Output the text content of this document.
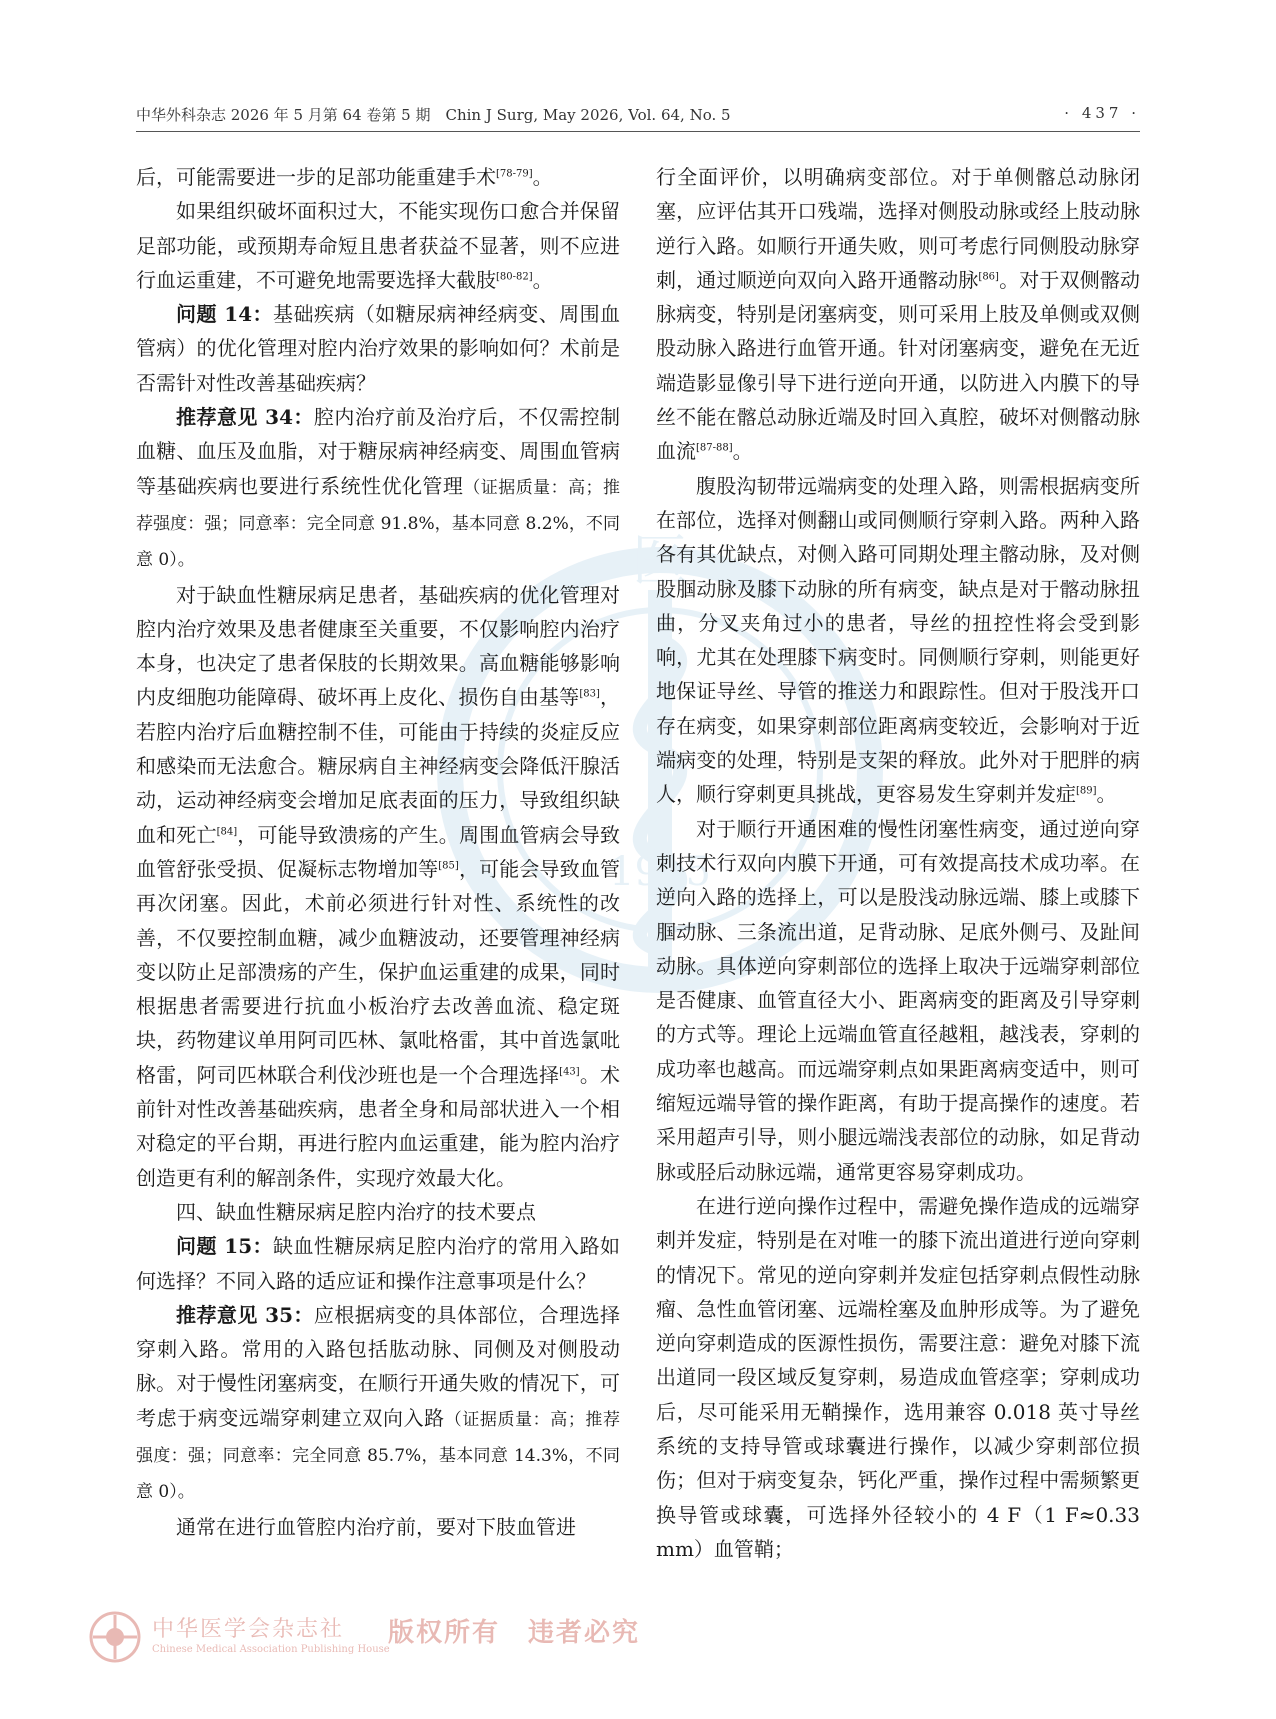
中华外科杂志 2026 年 5 月第 64 卷第 5 期　Chin J Surg, May 2026, Vol. 64, No. 5	· 437 ·
医
1915

后，可能需要进一步的足部功能重建手术[78-79]。

如果组织破坏面积过大，不能实现伤口愈合并保留足部功能，或预期寿命短且患者获益不显著，则不应进行血运重建，不可避免地需要选择大截肢[80-82]。

问题 14：基础疾病（如糖尿病神经病变、周围血管病）的优化管理对腔内治疗效果的影响如何？术前是否需针对性改善基础疾病？

推荐意见 34：腔内治疗前及治疗后，不仅需控制血糖、血压及血脂，对于糖尿病神经病变、周围血管病等基础疾病也要进行系统性优化管理（证据质量：高；推荐强度：强；同意率：完全同意 91.8%，基本同意 8.2%，不同意 0）。

对于缺血性糖尿病足患者，基础疾病的优化管理对腔内治疗效果及患者健康至关重要，不仅影响腔内治疗本身，也决定了患者保肢的长期效果。高血糖能够影响内皮细胞功能障碍、破坏再上皮化、损伤自由基等[83]，若腔内治疗后血糖控制不佳，可能由于持续的炎症反应和感染而无法愈合。糖尿病自主神经病变会降低汗腺活动，运动神经病变会增加足底表面的压力，导致组织缺血和死亡[84]，可能导致溃疡的产生。周围血管病会导致血管舒张受损、促凝标志物增加等[85]，可能会导致血管再次闭塞。因此，术前必须进行针对性、系统性的改善，不仅要控制血糖，减少血糖波动，还要管理神经病变以防止足部溃疡的产生，保护血运重建的成果，同时根据患者需要进行抗血小板治疗去改善血流、稳定斑块，药物建议单用阿司匹林、氯吡格雷，其中首选氯吡格雷，阿司匹林联合利伐沙班也是一个合理选择[43]。术前针对性改善基础疾病，患者全身和局部状进入一个相对稳定的平台期，再进行腔内血运重建，能为腔内治疗创造更有利的解剖条件，实现疗效最大化。

四、缺血性糖尿病足腔内治疗的技术要点

问题 15：缺血性糖尿病足腔内治疗的常用入路如何选择？不同入路的适应证和操作注意事项是什么？

推荐意见 35：应根据病变的具体部位，合理选择穿刺入路。常用的入路包括肱动脉、同侧及对侧股动脉。对于慢性闭塞病变，在顺行开通失败的情况下，可考虑于病变远端穿刺建立双向入路（证据质量：高；推荐强度：强；同意率：完全同意 85.7%，基本同意 14.3%，不同意 0）。

通常在进行血管腔内治疗前，要对下肢血管进

行全面评价，以明确病变部位。对于单侧髂总动脉闭塞，应评估其开口残端，选择对侧股动脉或经上肢动脉逆行入路。如顺行开通失败，则可考虑行同侧股动脉穿刺，通过顺逆向双向入路开通髂动脉[86]。对于双侧髂动脉病变，特别是闭塞病变，则可采用上肢及单侧或双侧股动脉入路进行血管开通。针对闭塞病变，避免在无近端造影显像引导下进行逆向开通，以防进入内膜下的导丝不能在髂总动脉近端及时回入真腔，破坏对侧髂动脉血流[87-88]。

腹股沟韧带远端病变的处理入路，则需根据病变所在部位，选择对侧翻山或同侧顺行穿刺入路。两种入路各有其优缺点，对侧入路可同期处理主髂动脉，及对侧股腘动脉及膝下动脉的所有病变，缺点是对于髂动脉扭曲，分叉夹角过小的患者，导丝的扭控性将会受到影响，尤其在处理膝下病变时。同侧顺行穿刺，则能更好地保证导丝、导管的推送力和跟踪性。但对于股浅开口存在病变，如果穿刺部位距离病变较近，会影响对于近端病变的处理，特别是支架的释放。此外对于肥胖的病人，顺行穿刺更具挑战，更容易发生穿刺并发症[89]。

对于顺行开通困难的慢性闭塞性病变，通过逆向穿刺技术行双向内膜下开通，可有效提高技术成功率。在逆向入路的选择上，可以是股浅动脉远端、膝上或膝下腘动脉、三条流出道，足背动脉、足底外侧弓、及趾间动脉。具体逆向穿刺部位的选择上取决于远端穿刺部位是否健康、血管直径大小、距离病变的距离及引导穿刺的方式等。理论上远端血管直径越粗，越浅表，穿刺的成功率也越高。而远端穿刺点如果距离病变适中，则可缩短远端导管的操作距离，有助于提高操作的速度。若采用超声引导，则小腿远端浅表部位的动脉，如足背动脉或胫后动脉远端，通常更容易穿刺成功。

在进行逆向操作过程中，需避免操作造成的远端穿刺并发症，特别是在对唯一的膝下流出道进行逆向穿刺的情况下。常见的逆向穿刺并发症包括穿刺点假性动脉瘤、急性血管闭塞、远端栓塞及血肿形成等。为了避免逆向穿刺造成的医源性损伤，需要注意：避免对膝下流出道同一段区域反复穿刺，易造成血管痉挛；穿刺成功后，尽可能采用无鞘操作，选用兼容 0.018 英寸导丝系统的支持导管或球囊进行操作，以减少穿刺部位损伤；但对于病变复杂，钙化严重，操作过程中需频繁更换导管或球囊，可选择外径较小的 4 F（1 F≈0.33 mm）血管鞘；

中华医学会杂志社
Chinese Medical Association Publishing House
版权所有　违者必究
